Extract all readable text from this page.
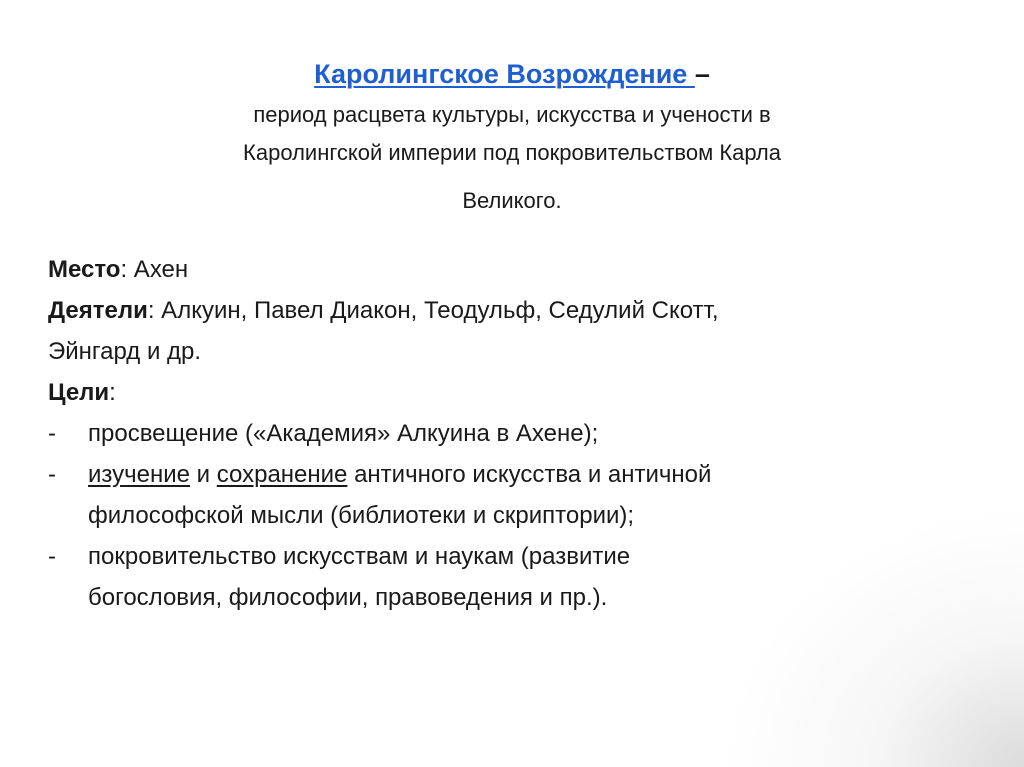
Каролингское Возрождение –
период расцвета культуры, искусства и учености в
Каролингской империи под покровительством Карла
Великого.
Место: Ахен
Деятели: Алкуин, Павел Диакон, Теодульф, Седулий Скотт,
Эйнгард и др.
Цели:
-	просвещение («Академия» Алкуина в Ахене);
-	изучение и сохранение античного искусства и античной
философской мысли (библиотеки и скриптории);
-	покровительство искусствам и наукам (развитие
богословия, философии, правоведения и пр.).
